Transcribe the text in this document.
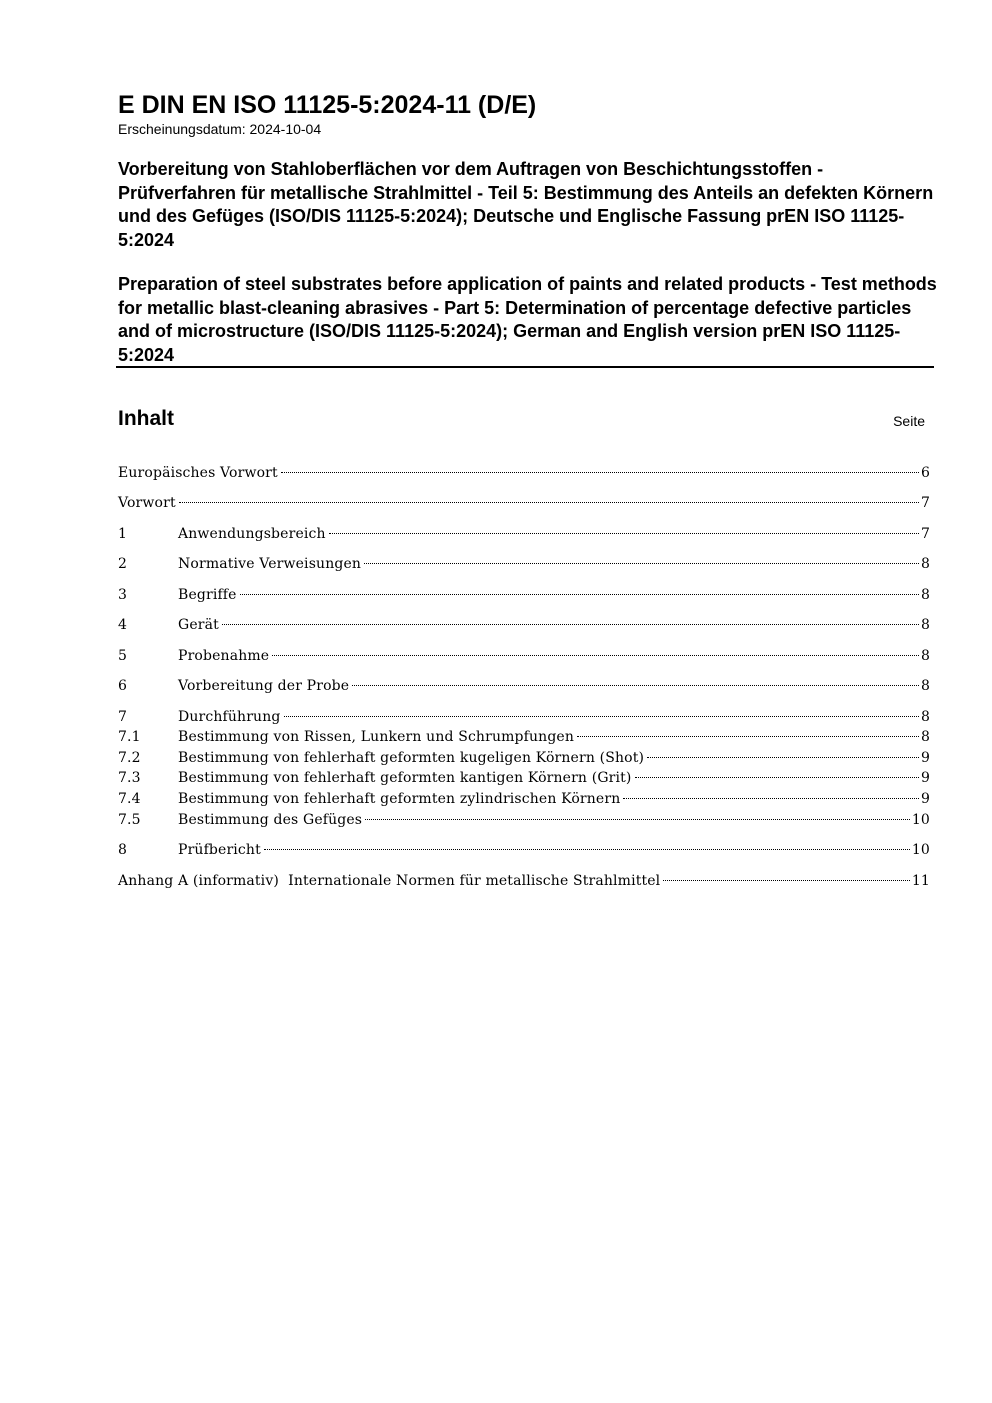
E DIN EN ISO 11125-5:2024-11 (D/E)
Erscheinungsdatum: 2024-10-04
Vorbereitung von Stahloberflächen vor dem Auftragen von Beschichtungsstoffen - Prüfverfahren für metallische Strahlmittel - Teil 5: Bestimmung des Anteils an defekten Körnern und des Gefüges (ISO/DIS 11125-5:2024); Deutsche und Englische Fassung prEN ISO 11125-5:2024
Preparation of steel substrates before application of paints and related products - Test methods for metallic blast-cleaning abrasives - Part 5: Determination of percentage defective particles and of microstructure (ISO/DIS 11125-5:2024); German and English version prEN ISO 11125-5:2024
Inhalt	Seite
Europäisches Vorwort	6
Vorwort	7
1	Anwendungsbereich	7
2	Normative Verweisungen	8
3	Begriffe	8
4	Gerät	8
5	Probenahme	8
6	Vorbereitung der Probe	8
7	Durchführung	8
7.1	Bestimmung von Rissen, Lunkern und Schrumpfungen	8
7.2	Bestimmung von fehlerhaft geformten kugeligen Körnern (Shot)	9
7.3	Bestimmung von fehlerhaft geformten kantigen Körnern (Grit)	9
7.4	Bestimmung von fehlerhaft geformten zylindrischen Körnern	9
7.5	Bestimmung des Gefüges	10
8	Prüfbericht	10
Anhang A (informativ)  Internationale Normen für metallische Strahlmittel	11
